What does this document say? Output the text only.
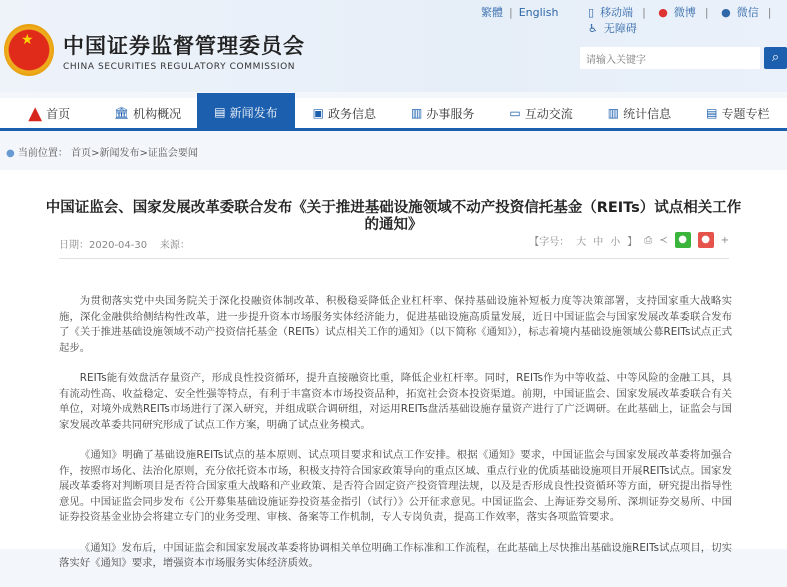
★ 中国证券监督管理委员会
CHINA SECURITIES REGULATORY COMMISSION
繁體 | English	▯ 移动端 | ● 微博 | ● 微信 | ♿ 无障碍
请输入关键字	⌕
▲ 首页	🏛 机构概况	▤ 新闻发布	▣ 政务信息	▥ 办事服务	▭ 互动交流	▥ 统计信息	▤ 专题专栏
● 当前位置： 首页>新闻发布>证监会要闻
中国证监会、国家发展改革委联合发布《关于推进基础设施领域不动产投资信托基金（REITs）试点相关工作的通知》
日期：2020-04-30 来源：	【字号： 大 中 小 】 ⎙ ≺	●	●	+

为贯彻落实党中央国务院关于深化投融资体制改革、积极稳妥降低企业杠杆率、保持基础设施补短板力度等决策部署，支持国家重大战略实施，深化金融供给侧结构性改革，进一步提升资本市场服务实体经济能力，促进基础设施高质量发展，近日中国证监会与国家发展改革委联合发布了《关于推进基础设施领域不动产投资信托基金（REITs）试点相关工作的通知》（以下简称《通知》），标志着境内基础设施领域公募REITs试点正式起步。

REITs能有效盘活存量资产，形成良性投资循环，提升直接融资比重，降低企业杠杆率。同时，REITs作为中等收益、中等风险的金融工具，具有流动性高、收益稳定、安全性强等特点，有利于丰富资本市场投资品种，拓宽社会资本投资渠道。前期，中国证监会、国家发展改革委联合有关单位，对境外成熟REITs市场进行了深入研究，并组成联合调研组，对运用REITs盘活基础设施存量资产进行了广泛调研。在此基础上，证监会与国家发展改革委共同研究形成了试点工作方案，明确了试点业务模式。

《通知》明确了基础设施REITs试点的基本原则、试点项目要求和试点工作安排。根据《通知》要求，中国证监会与国家发展改革委将加强合作，按照市场化、法治化原则，充分依托资本市场，积极支持符合国家政策导向的重点区域、重点行业的优质基础设施项目开展REITs试点。国家发展改革委将对判断项目是否符合国家重大战略和产业政策、是否符合固定资产投资管理法规，以及是否形成良性投资循环等方面，研究提出指导性意见。中国证监会同步发布《公开募集基础设施证券投资基金指引（试行）》公开征求意见。中国证监会、上海证券交易所、深圳证券交易所、中国证券投资基金业协会将建立专门的业务受理、审核、备案等工作机制，专人专岗负责，提高工作效率，落实各项监管要求。

《通知》发布后，中国证监会和国家发展改革委将协调相关单位明确工作标准和工作流程，在此基础上尽快推出基础设施REITs试点项目，切实落实好《通知》要求，增强资本市场服务实体经济质效。
